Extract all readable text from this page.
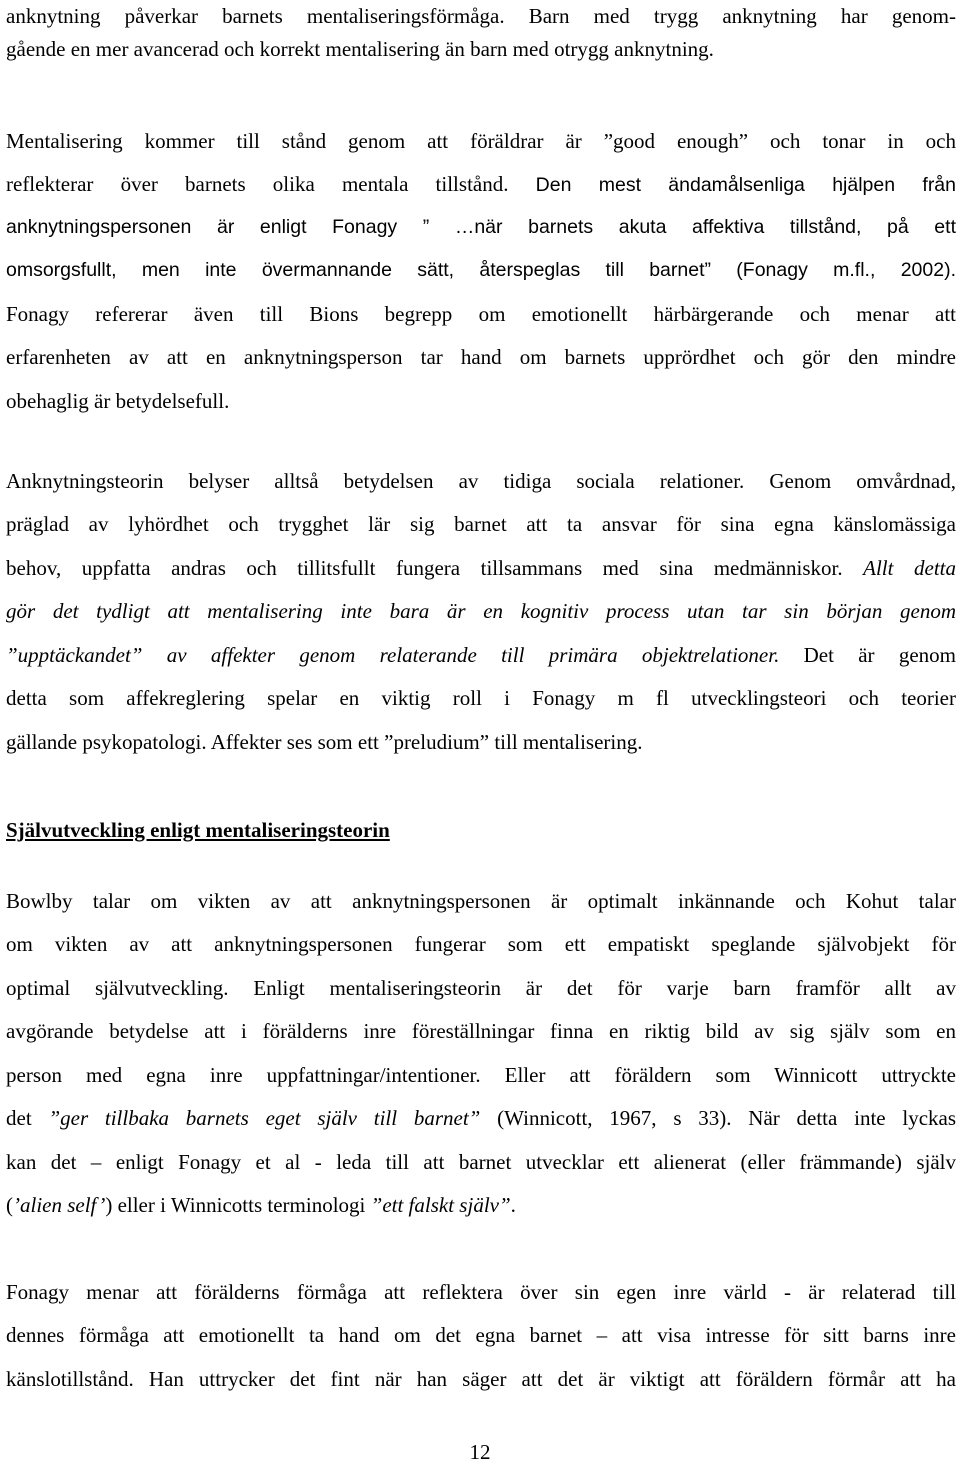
anknytning påverkar barnets mentaliseringsförmåga. Barn med trygg anknytning har genom-
gående en mer avancerad och korrekt mentalisering än barn med otrygg anknytning.
Mentalisering kommer till stånd genom att föräldrar är ”good enough” och tonar in och
reflekterar över barnets olika mentala tillstånd. Den mest ändamålsenliga hjälpen från
anknytningspersonen är enligt Fonagy ” …när barnets akuta affektiva tillstånd, på ett
omsorgsfullt, men inte övermannande sätt, återspeglas till barnet” (Fonagy m.fl., 2002).
Fonagy refererar även till Bions begrepp om emotionellt härbärgerande och menar att
erfarenheten av att en anknytningsperson tar hand om barnets upprördhet och gör den mindre
obehaglig är betydelsefull.
Anknytningsteorin belyser alltså betydelsen av tidiga sociala relationer. Genom omvårdnad,
präglad av lyhördhet och trygghet lär sig barnet att ta ansvar för sina egna känslomässiga
behov, uppfatta andras och tillitsfullt fungera tillsammans med sina medmänniskor. Allt detta
gör det tydligt att mentalisering inte bara är en kognitiv process utan tar sin början genom
”upptäckandet” av affekter genom relaterande till primära objektrelationer. Det är genom
detta som affekreglering spelar en viktig roll i Fonagy m fl utvecklingsteori och teorier
gällande psykopatologi. Affekter ses som ett ”preludium” till mentalisering.
Självutveckling enligt mentaliseringsteorin
Bowlby talar om vikten av att anknytningspersonen är optimalt inkännande och Kohut talar
om vikten av att anknytningspersonen fungerar som ett empatiskt speglande självobjekt för
optimal självutveckling. Enligt mentaliseringsteorin är det för varje barn framför allt av
avgörande betydelse att i förälderns inre föreställningar finna en riktig bild av sig själv som en
person med egna inre uppfattningar/intentioner. Eller att föräldern som Winnicott uttryckte
det ”ger tillbaka barnets eget själv till barnet” (Winnicott, 1967, s 33). När detta inte lyckas
kan det – enligt Fonagy et al - leda till att barnet utvecklar ett alienerat (eller främmande) själv
(’alien self’) eller i Winnicotts terminologi ”ett falskt själv”.
Fonagy menar att förälderns förmåga att reflektera över sin egen inre värld - är relaterad till
dennes förmåga att emotionellt ta hand om det egna barnet – att visa intresse för sitt barns inre
känslotillstånd. Han uttrycker det fint när han säger att det är viktigt att föräldern förmår att ha
12
